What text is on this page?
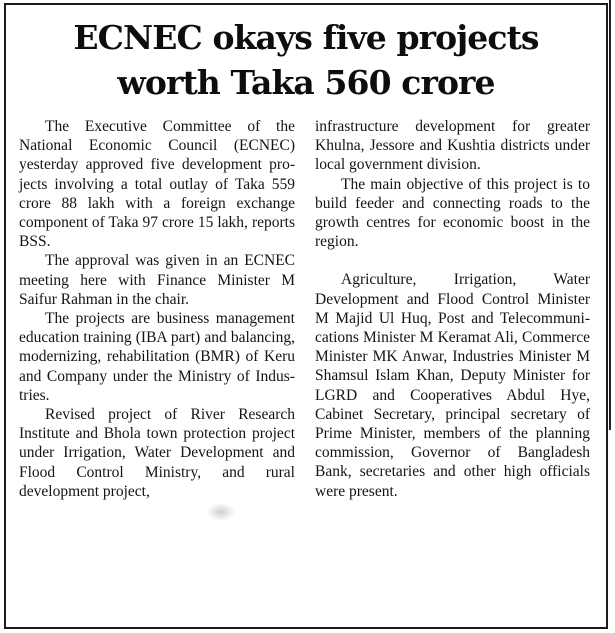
ECNEC okays five projects
worth Taka 560 crore

The Executive Committee of the National Economic Council (ECNEC) yesterday approved five development projects involving a total outlay of Taka 559 crore 88 lakh with a foreign exchange component of Taka 97 crore 15 lakh, reports BSS.

The approval was given in an ECNEC meeting here with Finance Minister M Saifur Rahman in the chair.

The projects are business management education training (IBA part) and balancing, modernizing, rehabilitation (BMR) of Keru and Company under the Ministry of Industries.

Revised project of River Research Institute and Bhola town protection project under Irrigation, Water Development and Flood Control Ministry, and rural development project,

infrastructure development for greater Khulna, Jessore and Kushtia districts under local government division.

The main objective of this project is to build feeder and connecting roads to the growth centres for economic boost in the region.

Agriculture, Irrigation, Water Development and Flood Control Minister M Majid Ul Huq, Post and Telecommunications Minister M Keramat Ali, Commerce Minister MK Anwar, Industries Minister M Shamsul Islam Khan, Deputy Minister for LGRD and Cooperatives Abdul Hye, Cabinet Secretary, principal secretary of Prime Minister, members of the planning commission, Governor of Bangladesh Bank, secretaries and other high officials were present.
